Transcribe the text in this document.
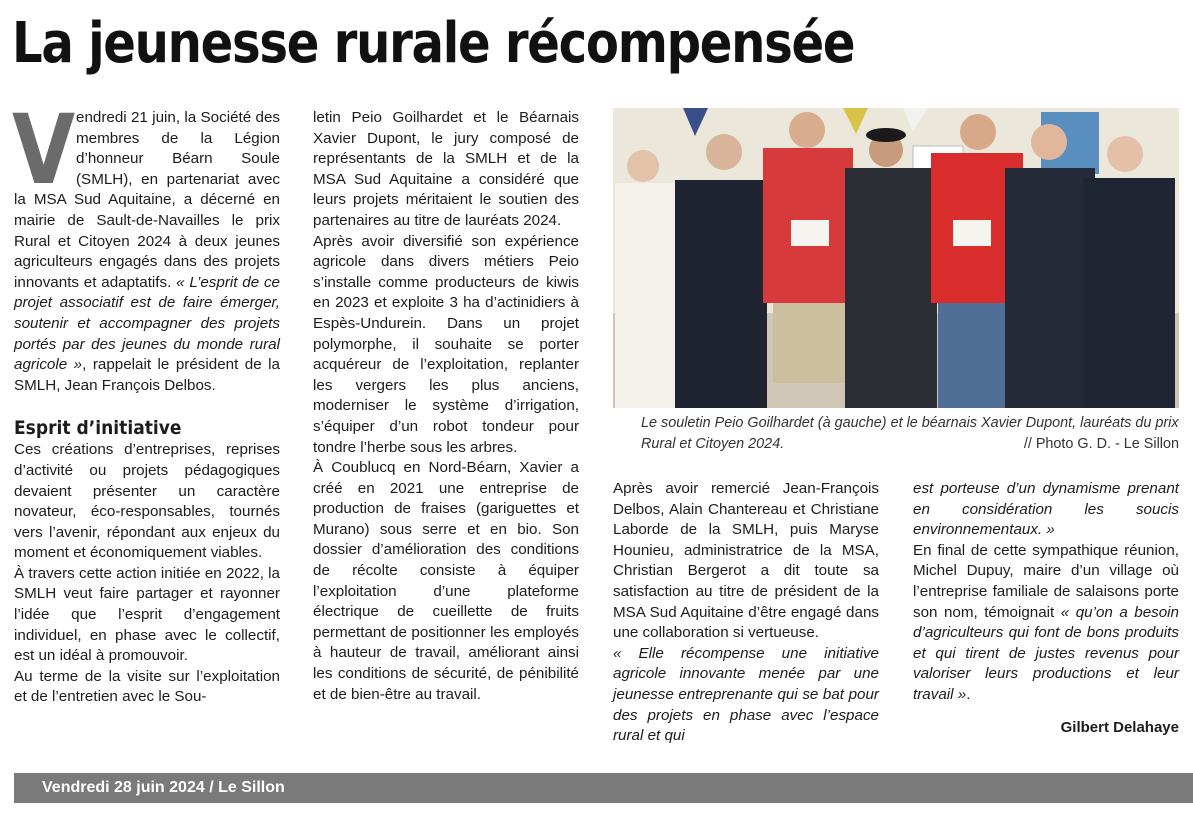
La jeunesse rurale récompensée

Vendredi 21 juin, la Société des membres de la Légion d’honneur Béarn Soule (SMLH), en partenariat avec la MSA Sud Aquitaine, a décerné en mairie de Sault-de-Navailles le prix Rural et Citoyen 2024 à deux jeunes agriculteurs engagés dans des projets innovants et adaptatifs. « L’esprit de ce projet associatif est de faire émerger, soutenir et accompagner des projets portés par des jeunes du monde rural agricole », rappelait le président de la SMLH, Jean François Delbos.

Esprit d’initiative

Ces créations d’entreprises, reprises d’activité ou projets pédagogiques devaient présenter un caractère novateur, éco-responsables, tournés vers l’avenir, répondant aux enjeux du moment et économiquement viables.

À travers cette action initiée en 2022, la SMLH veut faire partager et rayonner l’idée que l’esprit d’engagement individuel, en phase avec le collectif, est un idéal à promouvoir.

Au terme de la visite sur l’exploitation et de l’entretien avec le Sou-

letin Peio Goilhardet et le Béarnais Xavier Dupont, le jury composé de représentants de la SMLH et de la MSA Sud Aquitaine a considéré que leurs projets méritaient le soutien des partenaires au titre de lauréats 2024.

Après avoir diversifié son expérience agricole dans divers métiers Peio s’installe comme producteurs de kiwis en 2023 et exploite 3 ha d’actinidiers à Espès-Undurein. Dans un projet polymorphe, il souhaite se porter acquéreur de l’exploitation, replanter les vergers les plus anciens, moderniser le système d’irrigation, s’équiper d’un robot tondeur pour tondre l’herbe sous les arbres.

À Coublucq en Nord-Béarn, Xavier a créé en 2021 une entreprise de production de fraises (gariguettes et Murano) sous serre et en bio. Son dossier d’amélioration des conditions de récolte consiste à équiper l’exploitation d’une plateforme électrique de cueillette de fruits permettant de positionner les employés à hauteur de travail, améliorant ainsi les conditions de sécurité, de pénibilité et de bien-être au travail.

Le souletin Peio Goilhardet (à gauche) et le béarnais Xavier Dupont, lauréats du prix Rural et Citoyen 2024.	// Photo G. D. - Le Sillon

Après avoir remercié Jean-François Delbos, Alain Chantereau et Christiane Laborde de la SMLH, puis Maryse Hounieu, administratrice de la MSA, Christian Bergerot a dit toute sa satisfaction au titre de président de la MSA Sud Aquitaine d’être engagé dans une collaboration si vertueuse.

« Elle récompense une initiative agricole innovante menée par une jeunesse entreprenante qui se bat pour des projets en phase avec l’espace rural et qui

est porteuse d’un dynamisme prenant en considération les soucis environnementaux. »

En final de cette sympathique réunion, Michel Dupuy, maire d’un village où l’entreprise familiale de salaisons porte son nom, témoignait « qu’on a besoin d’agriculteurs qui font de bons produits et qui tirent de justes revenus pour valoriser leurs productions et leur travail ».

Gilbert Delahaye
Vendredi 28 juin 2024 / Le Sillon
